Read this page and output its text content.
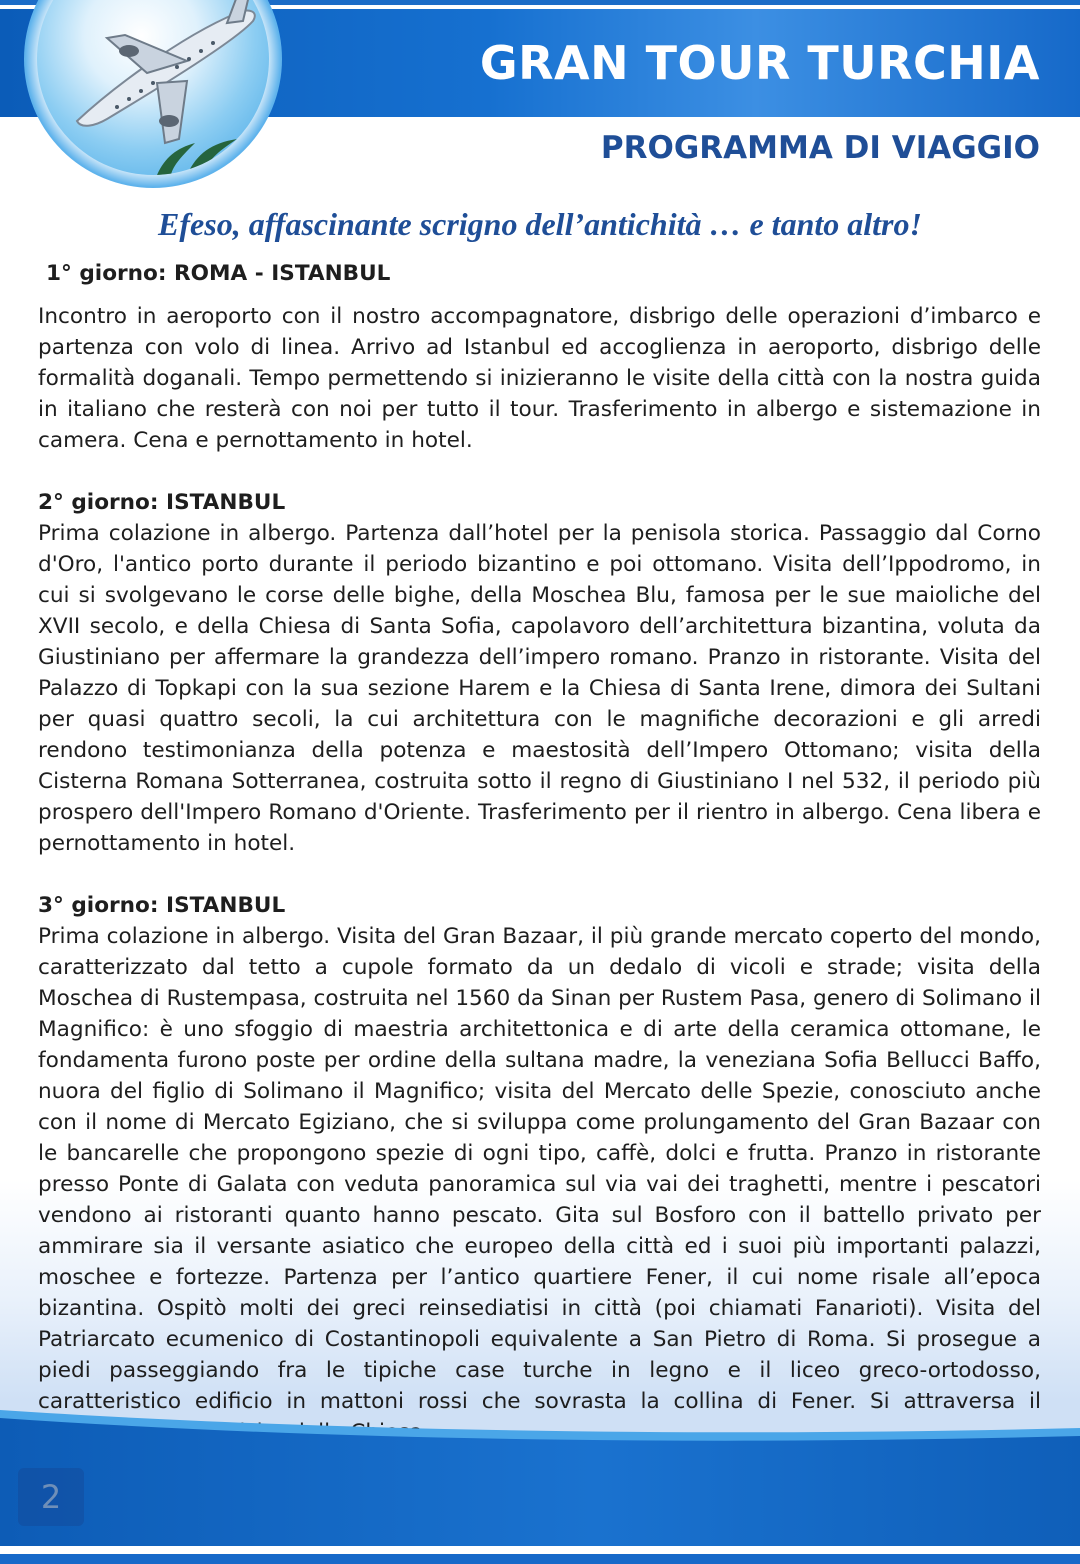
GRAN TOUR TURCHIA
PROGRAMMA DI VIAGGIO

Efeso, affascinante scrigno dell’antichità … e tanto altro!

1° giorno: ROMA - ISTANBUL

Incontro in aeroporto con il nostro accompagnatore, disbrigo delle operazioni d’imbarco e partenza con volo di linea. Arrivo ad Istanbul ed accoglienza in aeroporto, disbrigo delle formalità doganali. Tempo permettendo si inizieranno le visite della città con la nostra guida in italiano che resterà con noi per tutto il tour. Trasferimento in albergo e sistemazione in camera. Cena e pernottamento in hotel.

2° giorno: ISTANBUL

Prima colazione in albergo. Partenza dall’hotel per la penisola storica. Passaggio dal Corno d'Oro, l'antico porto durante il periodo bizantino e poi ottomano. Visita dell’Ippodromo, in cui si svolgevano le corse delle bighe, della Moschea Blu, famosa per le sue maioliche del XVII secolo, e della Chiesa di Santa Sofia, capolavoro dell’architettura bizantina, voluta da Giustiniano per affermare la grandezza dell’impero romano. Pranzo in ristorante. Visita del Palazzo di Topkapi con la sua sezione Harem e la Chiesa di Santa Irene, dimora dei Sultani per quasi quattro secoli, la cui architettura con le magnifiche decorazioni e gli arredi rendono testimonianza della potenza e maestosità dell’Impero Ottomano; visita della Cisterna Romana Sotterranea, costruita sotto il regno di Giustiniano I nel 532, il periodo più prospero dell'Impero Romano d'Oriente. Trasferimento per il rientro in albergo. Cena libera e pernottamento in hotel.

3° giorno: ISTANBUL

Prima colazione in albergo. Visita del Gran Bazaar, il più grande mercato coperto del mondo, caratterizzato dal tetto a cupole formato da un dedalo di vicoli e strade; visita della Moschea di Rustempasa, costruita nel 1560 da Sinan per Rustem Pasa, genero di Solimano il Magnifico: è uno sfoggio di maestria architettonica e di arte della ceramica ottomane, le fondamenta furono poste per ordine della sultana madre, la veneziana Sofia Bellucci Baffo, nuora del figlio di Solimano il Magnifico; visita del Mercato delle Spezie, conosciuto anche con il nome di Mercato Egiziano, che si sviluppa come prolungamento del Gran Bazaar con le bancarelle che propongono spezie di ogni tipo, caffè, dolci e frutta. Pranzo in ristorante presso Ponte di Galata con veduta panoramica sul via vai dei traghetti, mentre i pescatori vendono ai ristoranti quanto hanno pescato. Gita sul Bosforo con il battello privato per ammirare sia il versante asiatico che europeo della città ed i suoi più importanti palazzi, moschee e fortezze. Partenza per l’antico quartiere Fener, il cui nome risale all’epoca bizantina. Ospitò molti dei greci reinsediatisi in città (poi chiamati Fanarioti). Visita del Patriarcato ecumenico di Costantinopoli equivalente a San Pietro di Roma. Si prosegue a piedi passeggiando fra le tipiche case turche in legno e il liceo greco-ortodosso, caratteristico edificio in mattoni rossi che sovrasta la collina di Fener. Si attraversa il

2
